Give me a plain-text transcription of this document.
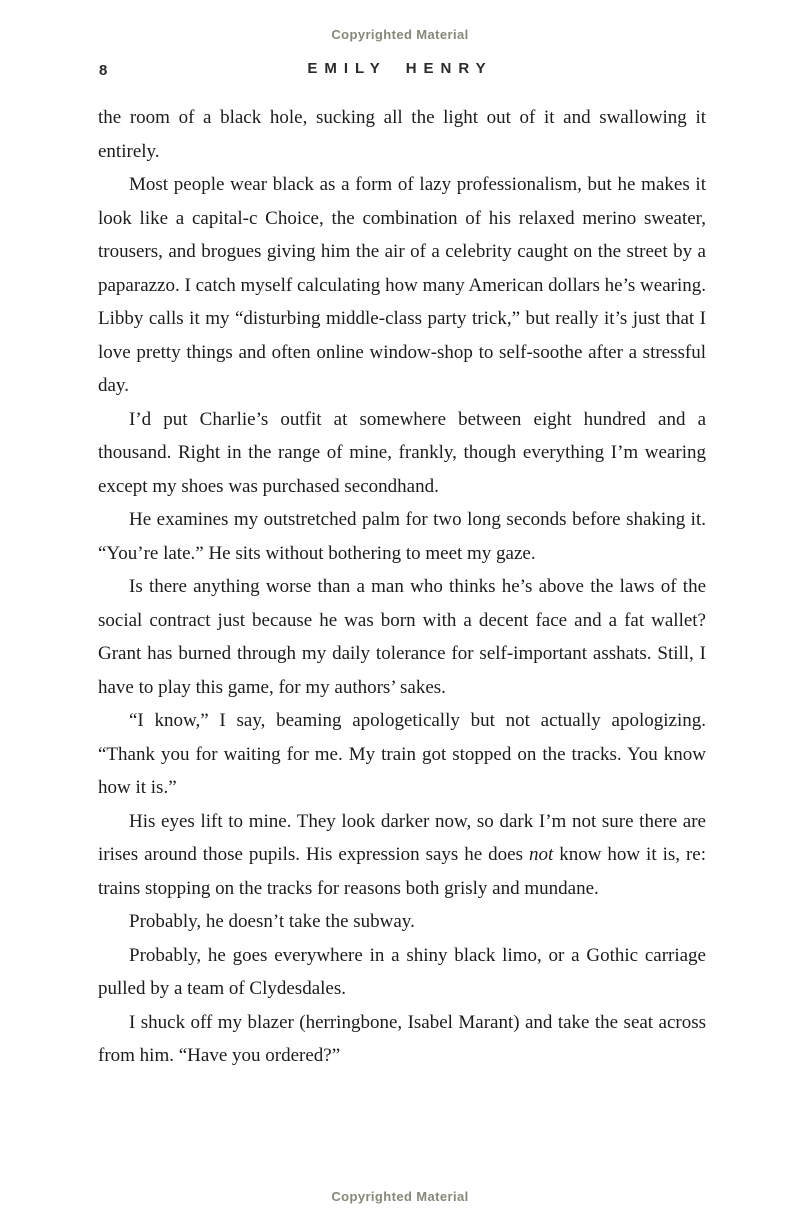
Copyrighted Material
8	EMILY HENRY

the room of a black hole, sucking all the light out of it and swallowing it entirely.

Most people wear black as a form of lazy professionalism, but he makes it look like a capital-c Choice, the combination of his relaxed merino sweater, trousers, and brogues giving him the air of a celebrity caught on the street by a paparazzo. I catch myself calculating how many American dollars he’s wearing. Libby calls it my “disturbing middle-class party trick,” but really it’s just that I love pretty things and often online window-shop to self-soothe after a stressful day.

I’d put Charlie’s outfit at somewhere between eight hundred and a thousand. Right in the range of mine, frankly, though everything I’m wearing except my shoes was purchased secondhand.

He examines my outstretched palm for two long seconds before shaking it. “You’re late.” He sits without bothering to meet my gaze.

Is there anything worse than a man who thinks he’s above the laws of the social contract just because he was born with a decent face and a fat wallet? Grant has burned through my daily tolerance for self-important asshats. Still, I have to play this game, for my authors’ sakes.

“I know,” I say, beaming apologetically but not actually apologizing. “Thank you for waiting for me. My train got stopped on the tracks. You know how it is.”

His eyes lift to mine. They look darker now, so dark I’m not sure there are irises around those pupils. His expression says he does not know how it is, re: trains stopping on the tracks for reasons both grisly and mundane.

Probably, he doesn’t take the subway.

Probably, he goes everywhere in a shiny black limo, or a Gothic carriage pulled by a team of Clydesdales.

I shuck off my blazer (herringbone, Isabel Marant) and take the seat across from him. “Have you ordered?”

Copyrighted Material
